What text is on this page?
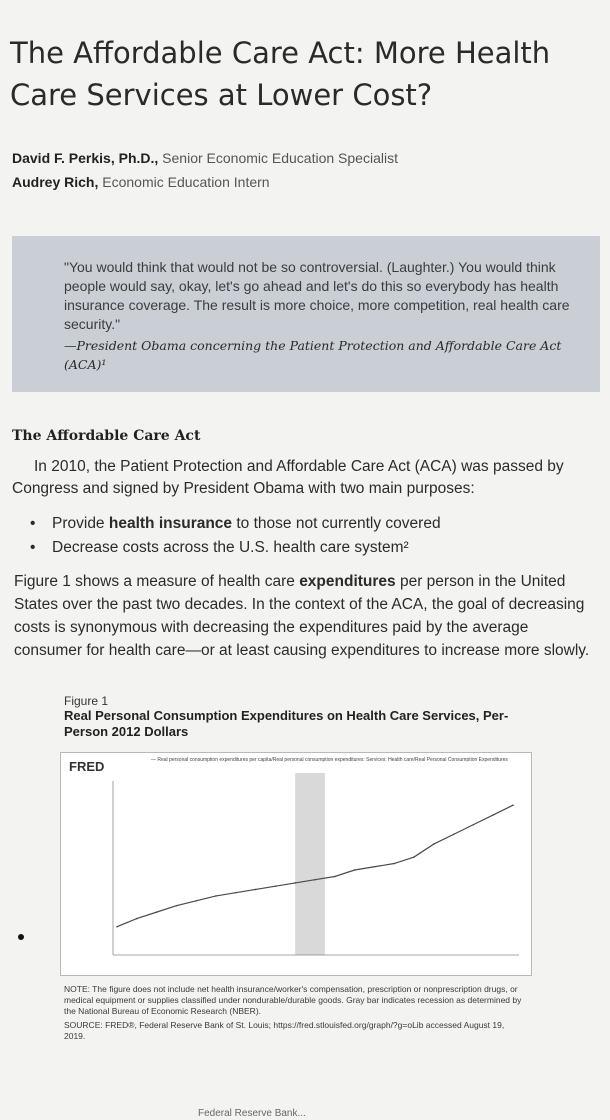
The Affordable Care Act: More Health Care Services at Lower Cost?
David F. Perkis, Ph.D., Senior Economic Education Specialist
Audrey Rich, Economic Education Intern
"You would think that would not be so controversial. (Laughter.) You would think people would say, okay, let's go ahead and let's do this so everybody has health insurance coverage. The result is more choice, more competition, real health care security."
—President Obama concerning the Patient Protection and Affordable Care Act (ACA)¹
The Affordable Care Act
In 2010, the Patient Protection and Affordable Care Act (ACA) was passed by Congress and signed by President Obama with two main purposes:
• Provide health insurance to those not currently covered
• Decrease costs across the U.S. health care system²
Figure 1 shows a measure of health care expenditures per person in the United States over the past two decades. In the context of the ACA, the goal of decreasing costs is synonymous with decreasing the expenditures paid by the average consumer for health care—or at least causing expenditures to increase more slowly.
Figure 1
Real Personal Consumption Expenditures on Health Care Services, Per-Person 2012 Dollars
FRED	— Real personal consumption expenditures per capita/Real personal consumption expenditures: Services: Health care/Real Personal Consumption Expenditures

NOTE: The figure does not include net health insurance/worker's compensation, prescription or nonprescription drugs, or medical equipment or supplies classified under nondurable/durable goods. Gray bar indicates recession as determined by the National Bureau of Economic Research (NBER).

SOURCE: FRED®, Federal Reserve Bank of St. Louis; https://fred.stlouisfed.org/graph/?g=oLib accessed August 19, 2019.

Federal Reserve Bank...
